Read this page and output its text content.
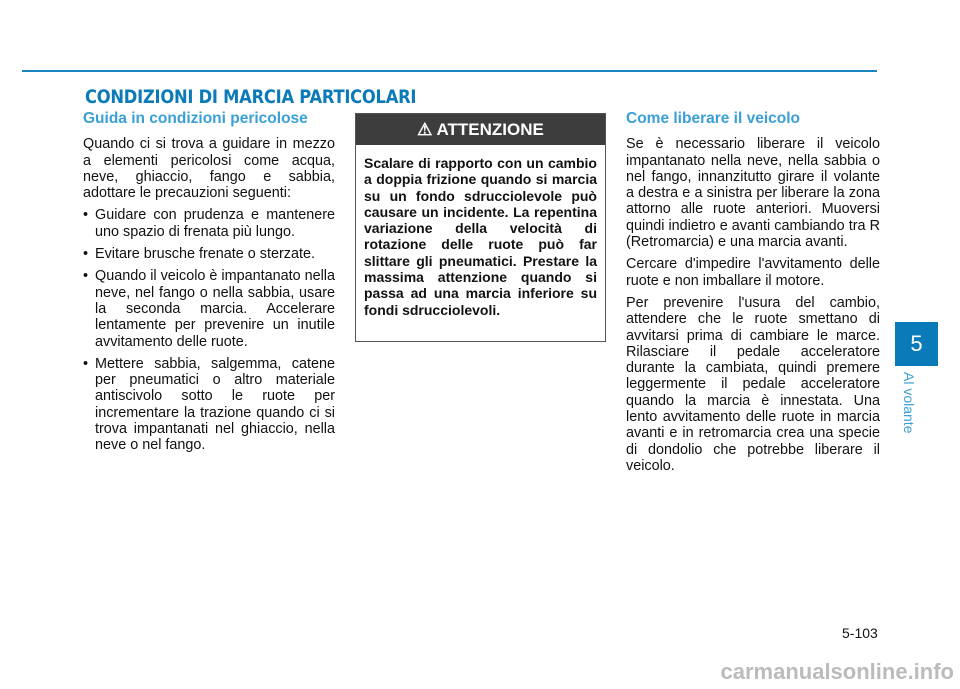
CONDIZIONI DI MARCIA PARTICOLARI
Guida in condizioni pericolose

Quando ci si trova a guidare in mezzo a elementi pericolosi come acqua, neve, ghiaccio, fango e sabbia, adottare le precauzioni seguenti:

• Guidare con prudenza e mantenere uno spazio di frenata più lungo.
• Evitare brusche frenate o sterzate.
• Quando il veicolo è impantanato nella neve, nel fango o nella sabbia, usare la seconda marcia. Accelerare lentamente per prevenire un inutile avvitamento delle ruote.
• Mettere sabbia, salgemma, catene per pneumatici o altro materiale antiscivolo sotto le ruote per incrementare la trazione quando ci si trova impantanati nel ghiaccio, nella neve o nel fango.
⚠ ATTENZIONE
Scalare di rapporto con un cambio a doppia frizione quando si marcia su un fondo sdrucciolevole può causare un incidente. La repentina variazione della velocità di rotazione delle ruote può far slittare gli pneumatici. Prestare la massima attenzione quando si passa ad una marcia inferiore su fondi sdrucciolevoli.
Come liberare il veicolo

Se è necessario liberare il veicolo impantanato nella neve, nella sabbia o nel fango, innanzitutto girare il volante a destra e a sinistra per liberare la zona attorno alle ruote anteriori. Muoversi quindi indietro e avanti cambiando tra R (Retromarcia) e una marcia avanti.

Cercare d'impedire l'avvitamento delle ruote e non imballare il motore.

Per prevenire l'usura del cambio, attendere che le ruote smettano di avvitarsi prima di cambiare le marce. Rilasciare il pedale acceleratore durante la cambiata, quindi premere leggermente il pedale acceleratore quando la marcia è innestata. Una lento avvitamento delle ruote in marcia avanti e in retromarcia crea una specie di dondolio che potrebbe liberare il veicolo.

5
Al volante
5-103
carmanualsonline.info
